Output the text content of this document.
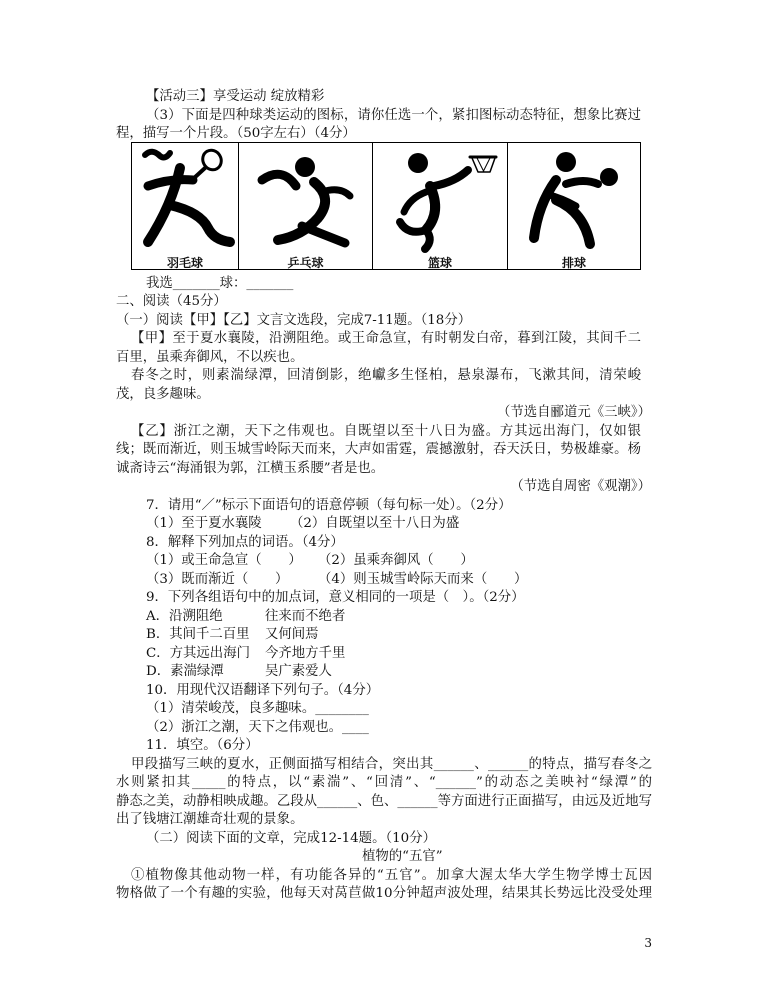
【活动三】享受运动 绽放精彩
（3）下面是四种球类运动的图标，请你任选一个，紧扣图标动态特征，想象比赛过
程，描写一个片段。（50字左右）（4分）
羽毛球	乒乓球	篮球	排球
我选_______球：_______
二、阅读（45分）
（一）阅读【甲】【乙】文言文选段，完成7-11题。（18分）
【甲】至于夏水襄陵，沿溯阻绝。或王命急宣，有时朝发白帝，暮到江陵，其间千二
百里，虽乘奔御风，不以疾也。
春冬之时，则素湍绿潭，回清倒影，绝巘多生怪柏，悬泉瀑布，飞漱其间，清荣峻
茂，良多趣味。
（节选自郦道元《三峡》）
【乙】浙江之潮，天下之伟观也。自既望以至十八日为盛。方其远出海门，仅如银
线；既而渐近，则玉城雪岭际天而来，大声如雷霆，震撼激射，吞天沃日，势极雄豪。杨
诚斋诗云“海涌银为郭，江横玉系腰”者是也。
（节选自周密《观潮》）
7．请用“／”标示下面语句的语意停顿（每句标一处）。（2分）
（1）至于夏水襄陵 （2）自既望以至十八日为盛
8．解释下列加点的词语。（4分）
（1）或王命急宣（　　） （2）虽乘奔御风（　　）
（3）既而渐近（　　） （4）则玉城雪岭际天而来（　　）
9．下列各组语句中的加点词，意义相同的一项是（　）。（2分）
A．沿溯阻绝	往来而不绝者
B．其间千二百里 又何间焉
C．方其远出海门 今齐地方千里
D．素湍绿潭	吴广素爱人
10．用现代汉语翻译下列句子。（4分）
（1）清荣峻茂，良多趣味。________
（2）浙江之潮，天下之伟观也。____
11．填空。（6分）
甲段描写三峡的夏水，正侧面描写相结合，突出其______、______的特点，描写春冬之
水则紧扣其_____的特点，以“素湍”、“回清”、“______”的动态之美映衬“绿潭”的
静态之美，动静相映成趣。乙段从______、色、______等方面进行正面描写，由远及近地写
出了钱塘江潮雄奇壮观的景象。
（二）阅读下面的文章，完成12-14题。（10分）
植物的“五官”
①植物像其他动物一样，有功能各异的“五官”。加拿大渥太华大学生物学博士瓦因
物格做了一个有趣的实验，他每天对莴苣做10分钟超声波处理，结果其长势远比没受处理
3
